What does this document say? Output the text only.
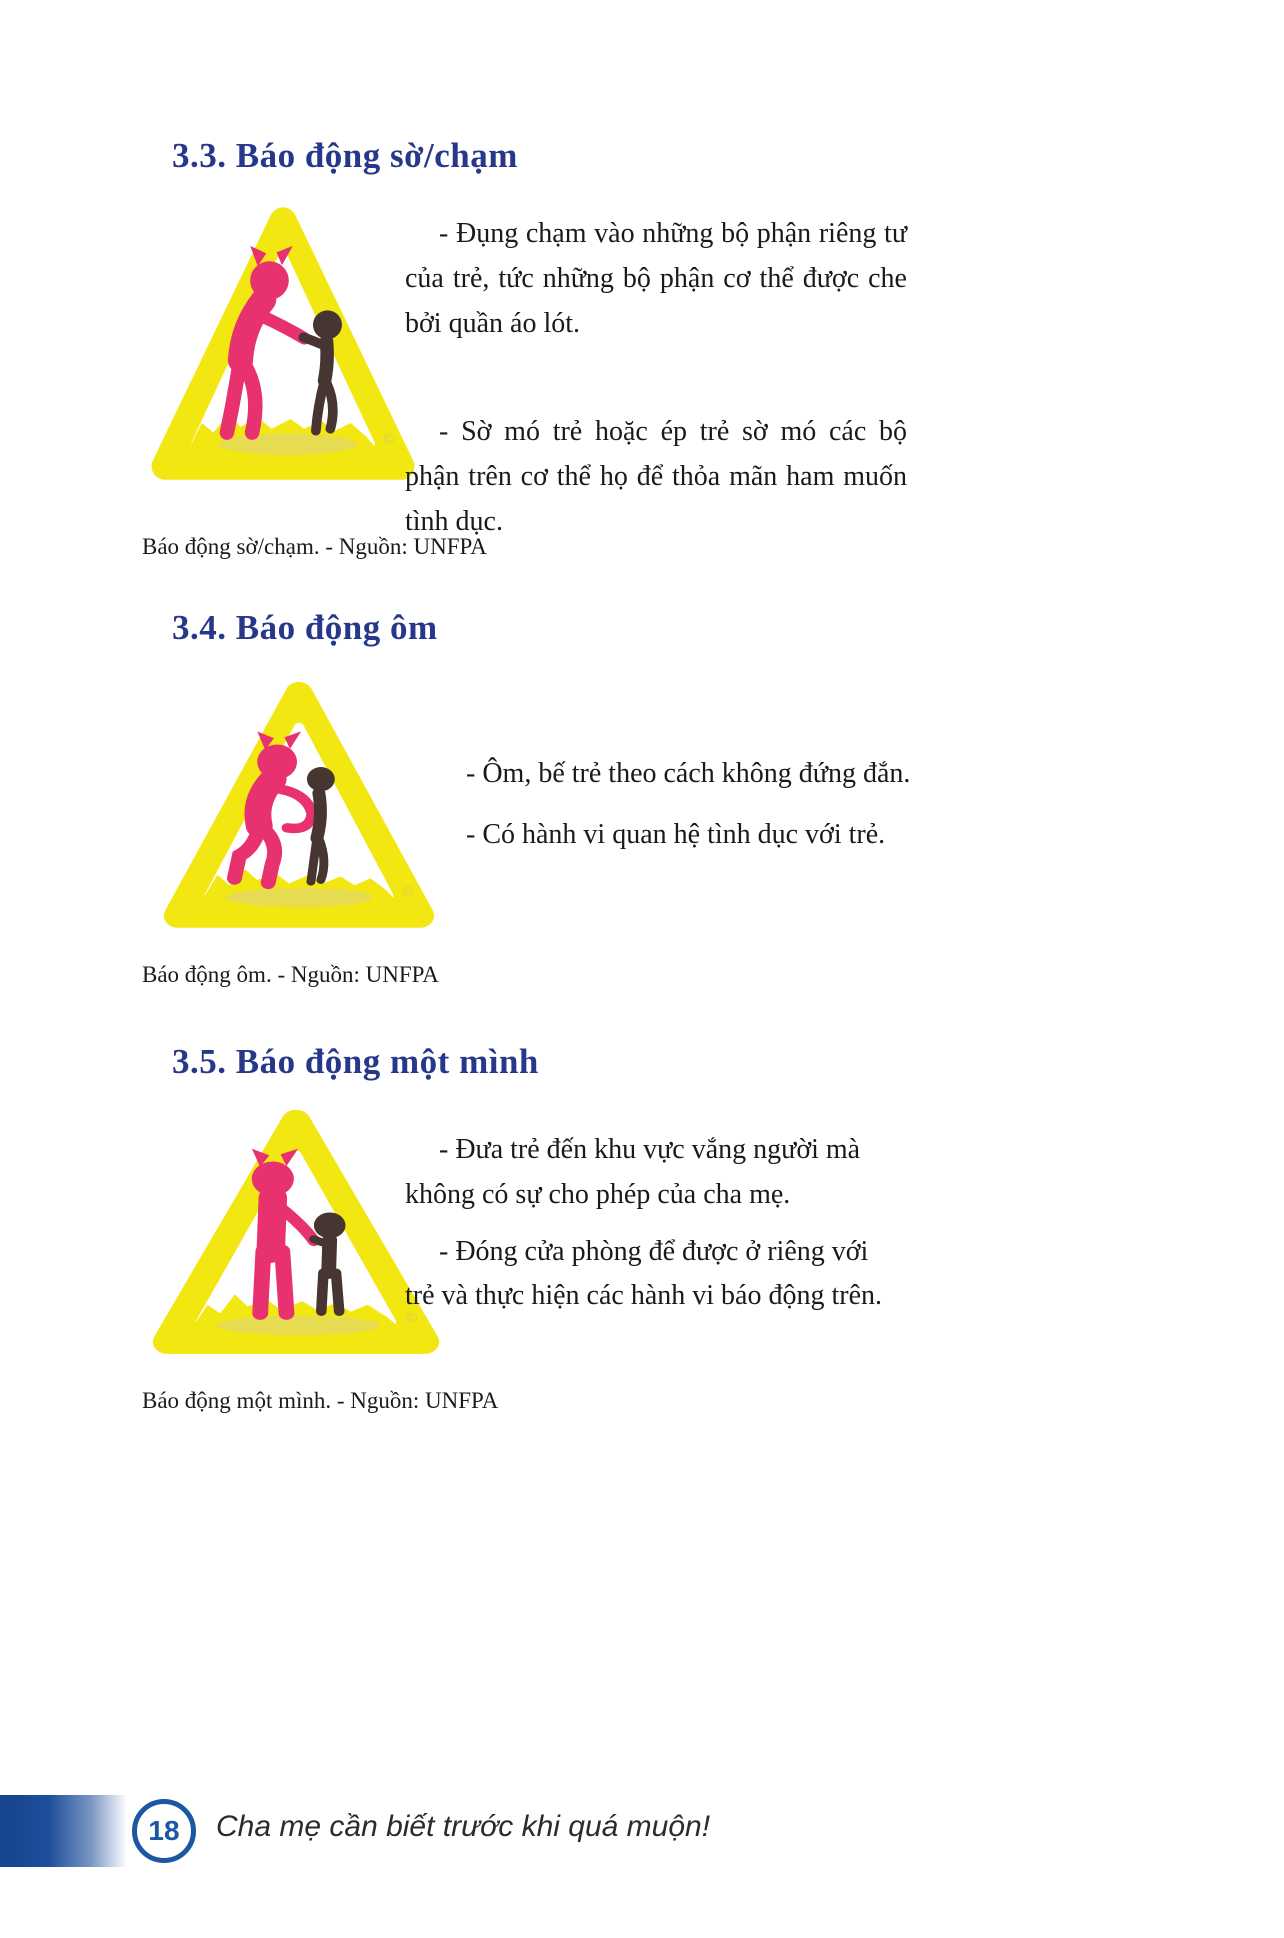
3.3. Báo động sờ/chạm
©

- Đụng chạm vào những bộ phận riêng tư của trẻ, tức những bộ phận cơ thể được che bởi quần áo lót.

- Sờ mó trẻ hoặc ép trẻ sờ mó các bộ phận trên cơ thể họ để thỏa mãn ham muốn tình dục.

Báo động sờ/chạm. - Nguồn: UNFPA
3.4. Báo động ôm
©

- Ôm, bế trẻ theo cách không đứng đắn.

- Có hành vi quan hệ tình dục với trẻ.

Báo động ôm. - Nguồn: UNFPA
3.5. Báo động một mình
©

- Đưa trẻ đến khu vực vắng người mà không có sự cho phép của cha mẹ.

- Đóng cửa phòng để được ở riêng với trẻ và thực hiện các hành vi báo động trên.

Báo động một mình. - Nguồn: UNFPA
18 Cha mẹ cần biết trước khi quá muộn!
